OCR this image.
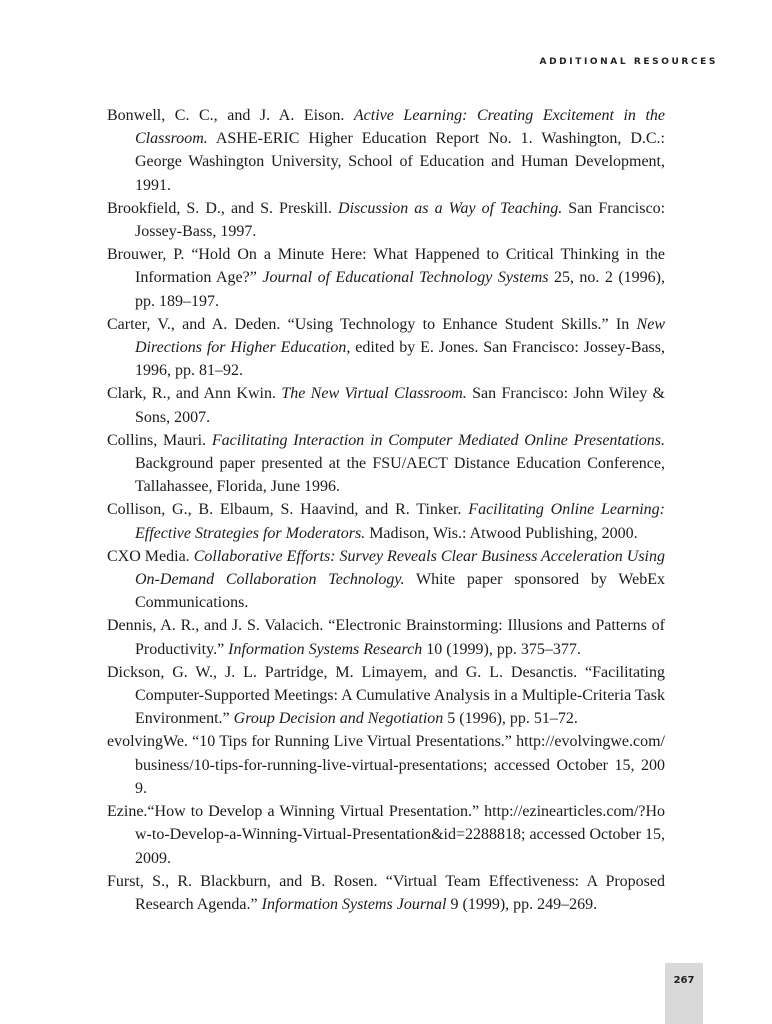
ADDITIONAL RESOURCES
Bonwell, C. C., and J. A. Eison. Active Learning: Creating Excitement in the Classroom. ASHE-ERIC Higher Education Report No. 1. Washington, D.C.: George Washington University, School of Education and Human Development, 1991.
Brookfield, S. D., and S. Preskill. Discussion as a Way of Teaching. San Francisco: Jossey-Bass, 1997.
Brouwer, P. “Hold On a Minute Here: What Happened to Critical Thinking in the Information Age?” Journal of Educational Technology Systems 25, no. 2 (1996), pp. 189–197.
Carter, V., and A. Deden. “Using Technology to Enhance Student Skills.” In New Directions for Higher Education, edited by E. Jones. San Francisco: Jossey-Bass, 1996, pp. 81–92.
Clark, R., and Ann Kwin. The New Virtual Classroom. San Francisco: John Wiley & Sons, 2007.
Collins, Mauri. Facilitating Interaction in Computer Mediated Online Presentations. Background paper presented at the FSU/AECT Distance Education Conference, Tallahassee, Florida, June 1996.
Collison, G., B. Elbaum, S. Haavind, and R. Tinker. Facilitating Online Learning: Effective Strategies for Moderators. Madison, Wis.: Atwood Publishing, 2000.
CXO Media. Collaborative Efforts: Survey Reveals Clear Business Acceleration Using On-Demand Collaboration Technology. White paper sponsored by WebEx Communications.
Dennis, A. R., and J. S. Valacich. “Electronic Brainstorming: Illusions and Patterns of Productivity.” Information Systems Research 10 (1999), pp. 375–377.
Dickson, G. W., J. L. Partridge, M. Limayem, and G. L. Desanctis. “Facilitating Computer-Supported Meetings: A Cumulative Analysis in a Multiple-Criteria Task Environment.” Group Decision and Negotiation 5 (1996), pp. 51–72.
evolvingWe. “10 Tips for Running Live Virtual Presentations.” http://evolvingwe.com/business/10-tips-for-running-live-virtual-presentations; accessed October 15, 2009.
Ezine.“How to Develop a Winning Virtual Presentation.” http://ezinearticles.com/?How-to-Develop-a-Winning-Virtual-Presentation&id=2288818; accessed October 15, 2009.
Furst, S., R. Blackburn, and B. Rosen. “Virtual Team Effectiveness: A Proposed Research Agenda.” Information Systems Journal 9 (1999), pp. 249–269.
267
